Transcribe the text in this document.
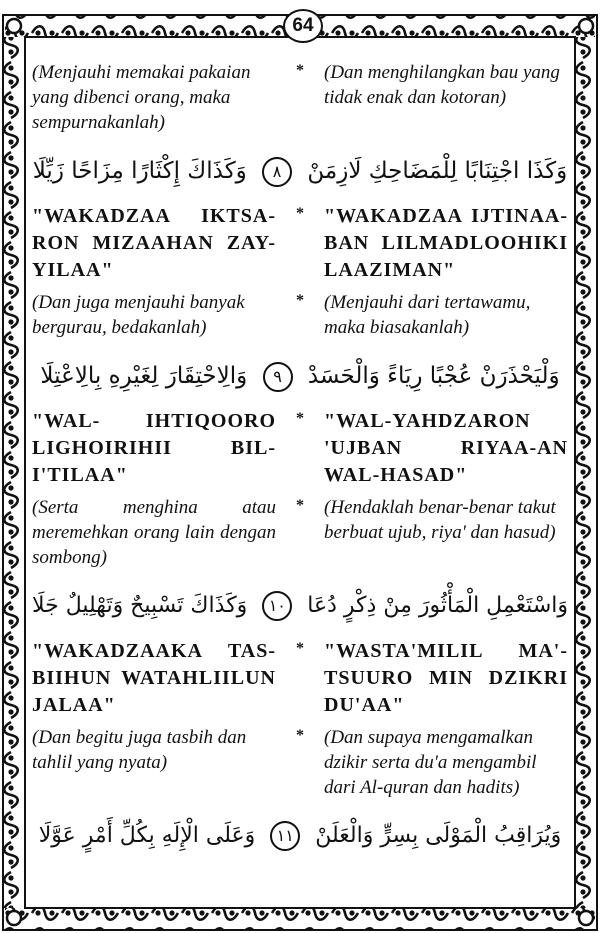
64
(Menjauhi memakai pakaian yang dibenci orang, maka sempurnakanlah)
* (Dan menghilangkan bau yang tidak enak dan kotoran)
وَكَذَا اجْتِنَابًا لِلْمَضَاحِكِ لَازِمَنْ ٨ وَكَذَاكَ إِكْثَارًا مِزَاحًا زَيِّلَا
"WAKADZAA IKTSA-RON MIZAAHAN ZAY-YILAA"
* "WAKADZAA IJTINAA-BAN LILMADLOOHIKI LAAZIMAN"
(Dan juga menjauhi banyak bergurau, bedakanlah)
* (Menjauhi dari tertawamu, maka biasakanlah)
وَلْيَحْذَرَنْ عُجْبًا رِيَاءً وَالْحَسَدْ ٩ وَالِاحْتِقَارَ لِغَيْرِهِ بِالِاعْتِلَا
"WAL- IHTIQOORO LIGHOIRIHII BIL-I'TILAA"
* "WAL-YAHDZARON 'UJBAN RIYAA-AN WAL-HASAD"
(Serta menghina atau meremehkan orang lain dengan sombong)
* (Hendaklah benar-benar takut berbuat ujub, riya' dan hasud)
وَاسْتَعْمِلِ الْمَأْثُورَ مِنْ ذِكْرٍ دُعَا ١٠ وَكَذَاكَ تَسْبِيحٌ وَتَهْلِيلٌ جَلَا
"WAKADZAAKA TAS-BIIHUN WATAHLIILUN JALAA"
* "WASTA'MILIL MA'-TSUURO MIN DZIKRI DU'AA"
(Dan begitu juga tasbih dan tahlil yang nyata)
* (Dan supaya mengamalkan dzikir serta du'a mengambil dari Al-quran dan hadits)
وَيُرَاقِبُ الْمَوْلَى بِسِرٍّ وَالْعَلَنْ ١١ وَعَلَى الْإِلَهِ بِكُلِّ أَمْرٍ عَوَّلَا
